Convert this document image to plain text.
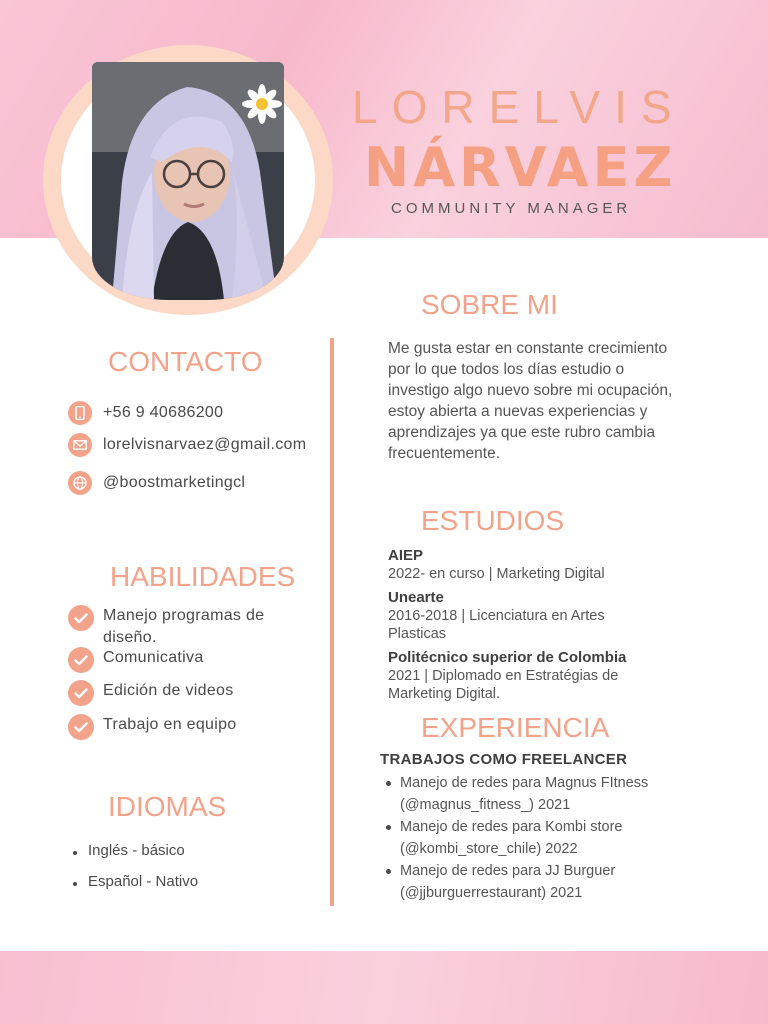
LORELVIS
NÁRVAEZ
COMMUNITY MANAGER
CONTACTO
+56 9 40686200
lorelvisnarvaez@gmail.com
@boostmarketingcl
HABILIDADES
Manejo programas de
diseño.
Comunicativa
Edición de videos
Trabajo en equipo
IDIOMAS
Inglés - básico
Español - Nativo
SOBRE MI
Me gusta estar en constante crecimiento
por lo que todos los días estudio o
investigo algo nuevo sobre mi ocupación,
estoy abierta a nuevas experiencias y
aprendizajes ya que este rubro cambia
frecuentemente.
ESTUDIOS
AIEP
2022- en curso | Marketing Digital
Unearte
2016-2018 | Licenciatura en Artes
Plasticas
Politécnico superior de Colombia
2021 | Diplomado en Estratégias de
Marketing Digital.
EXPERIENCIA
TRABAJOS COMO FREELANCER
Manejo de redes para Magnus FItness
(@magnus_fitness_) 2021
Manejo de redes para Kombi store
(@kombi_store_chile) 2022
Manejo de redes para JJ Burguer
(@jjburguerrestaurant) 2021
